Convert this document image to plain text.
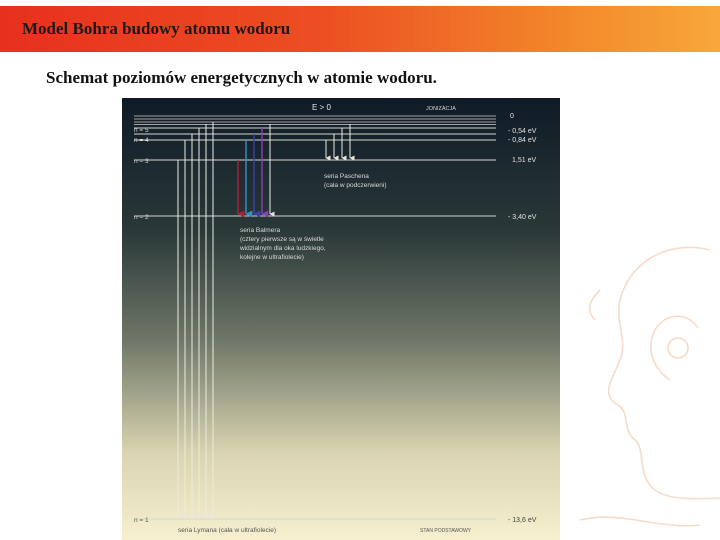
Model Bohra budowy atomu wodoru
Schemat poziomów energetycznych w atomie wodoru.
E > 0	JONIZACJA
n = 5
n = 4
n = 3
n = 2
n = 1
0
- 0,54 eV
- 0,84 eV
1,51 eV
- 3,40 eV
- 13,6 eV
seria Paschena
(cała w podczerwieni)
seria Balmera
(cztery pierwsze są w świetle
widzialnym dla oka ludzkiego,
kolejne w ultrafiolecie)
seria Lymana (cała w ultrafiolecie)	STAN PODSTAWOWY
